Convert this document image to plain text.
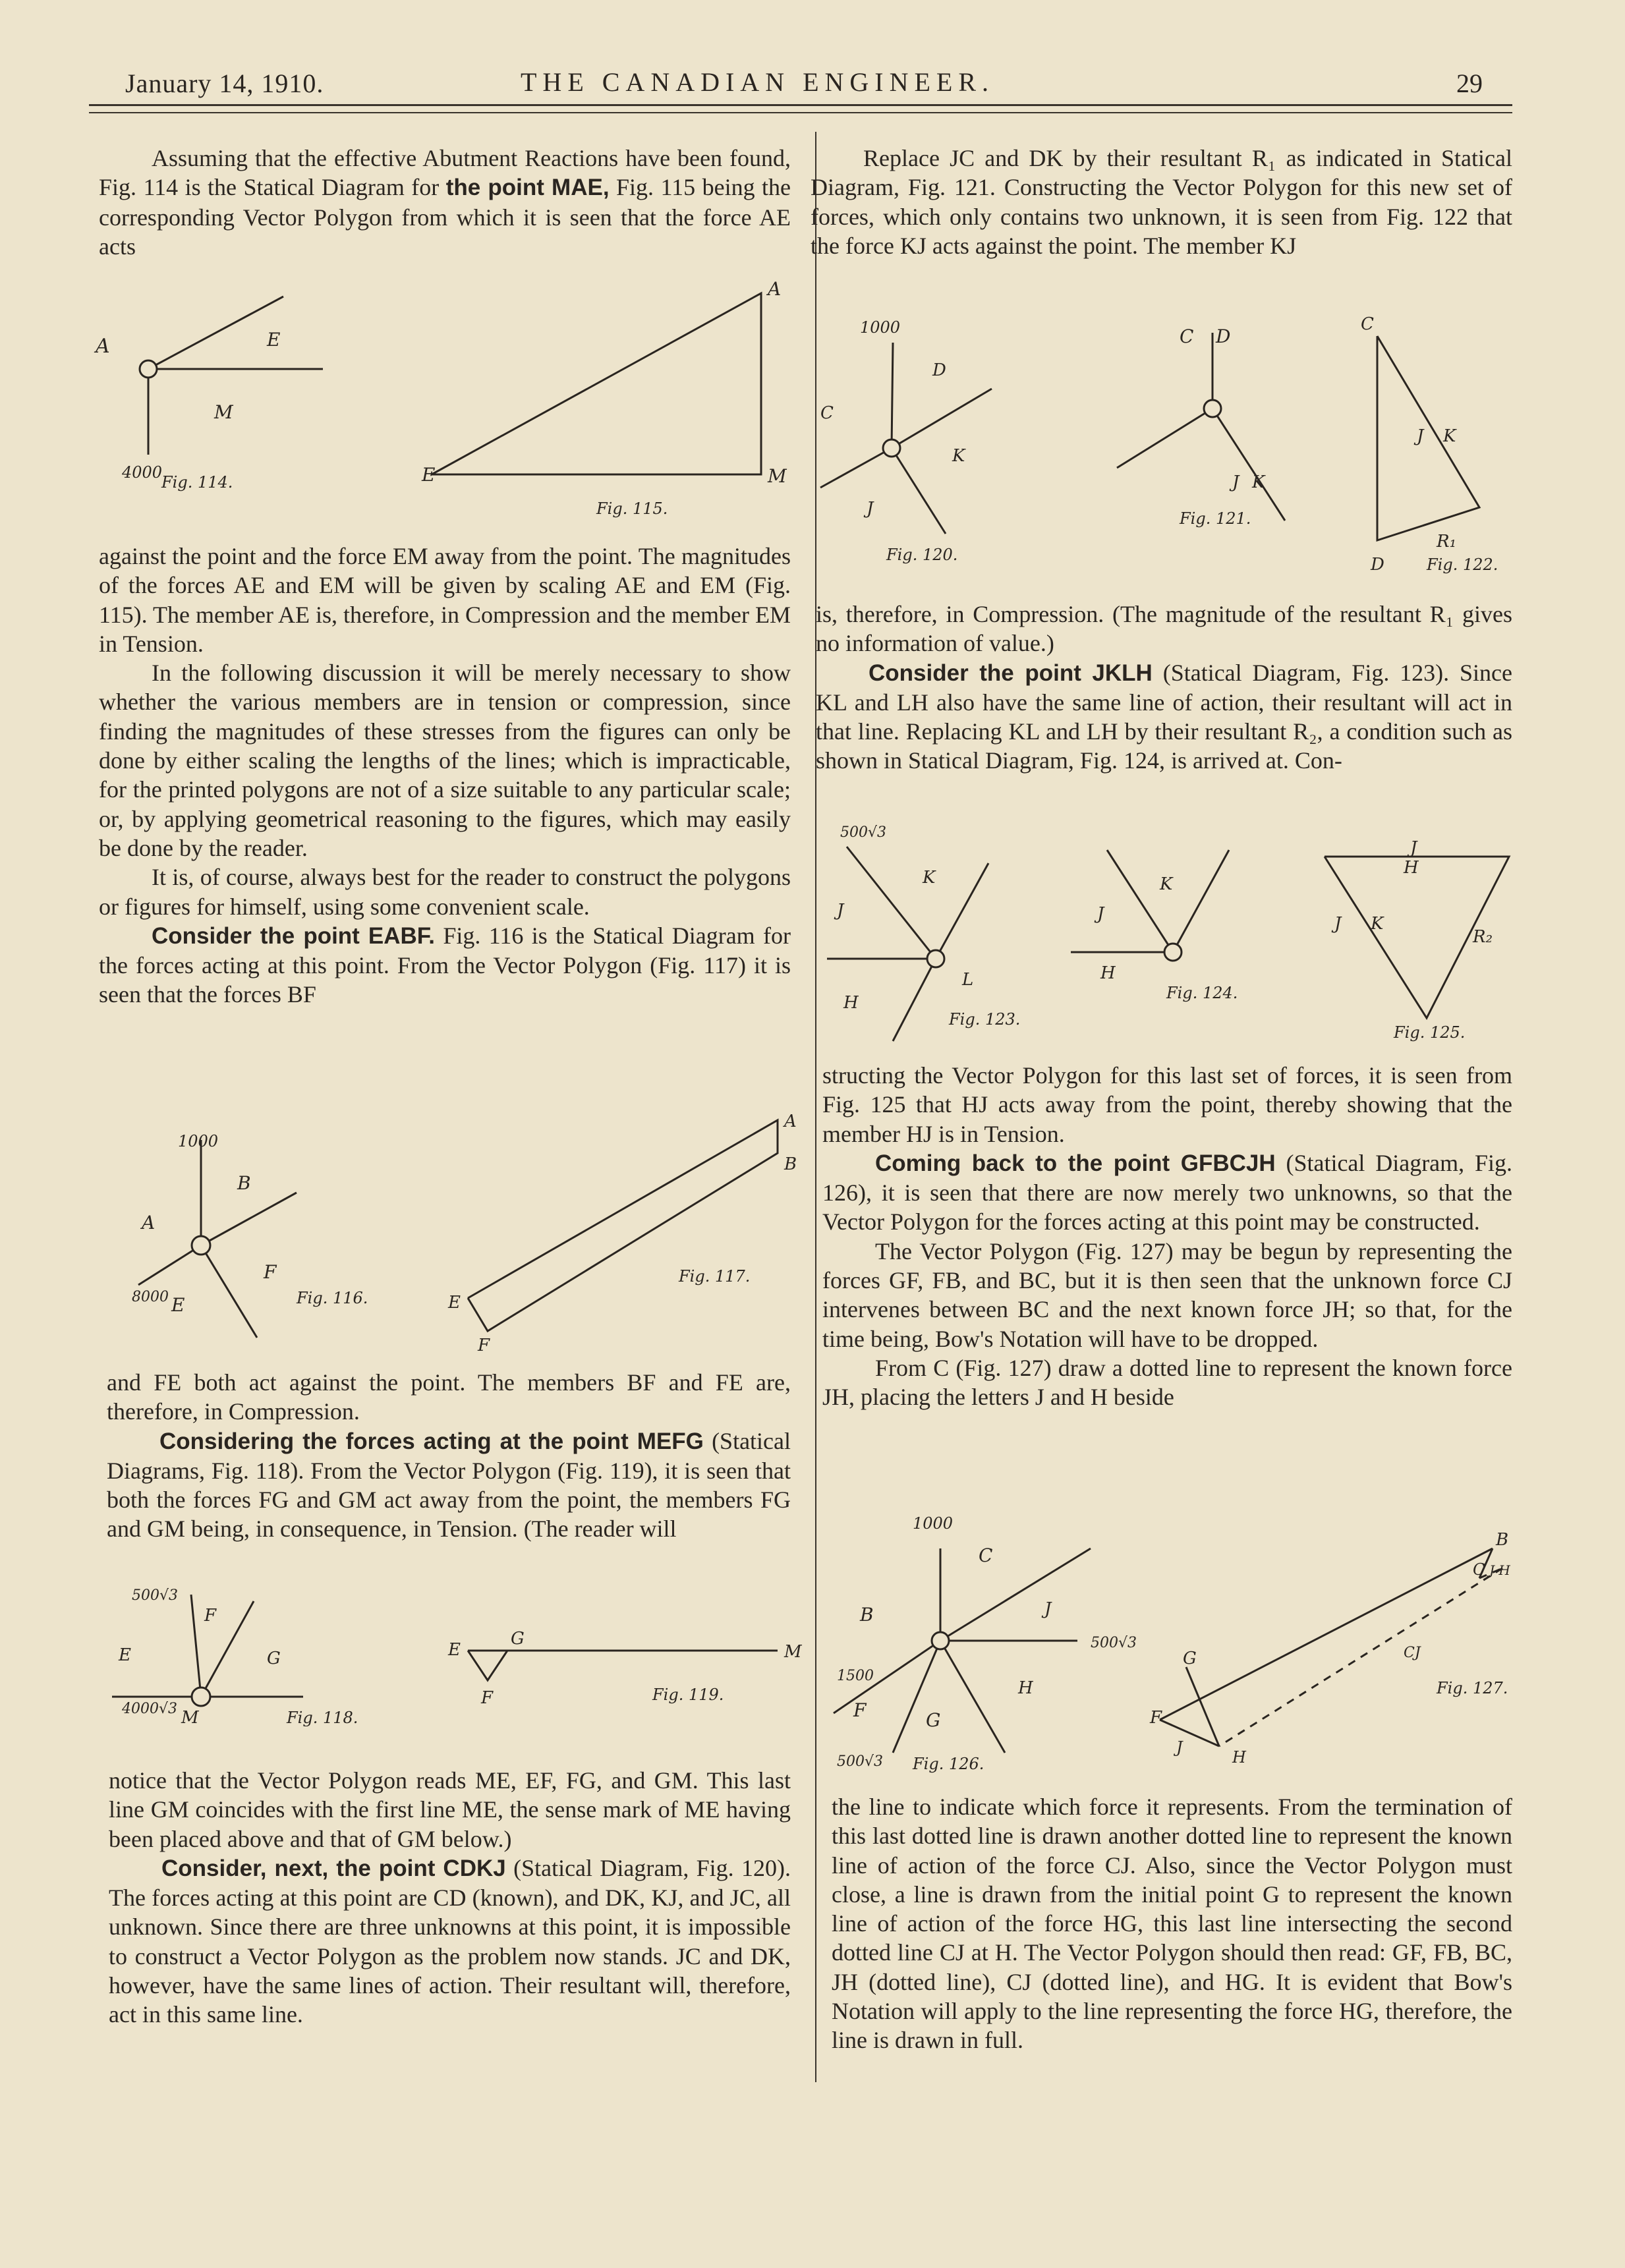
January 14, 1910.	THE CANADIAN ENGINEER.	29

Assuming that the effective Abutment Reactions have been found, Fig. 114 is the Statical Diagram for the point MAE, Fig. 115 being the corresponding Vector Polygon from which it is seen that the force AE acts

A	E
M
4000
Fig. 114.
A
E	M
Fig. 115.

against the point and the force EM away from the point. The magnitudes of the forces AE and EM will be given by scaling AE and EM (Fig. 115). The member AE is, therefore, in Compression and the member EM in Tension.

In the following discussion it will be merely necessary to show whether the various members are in tension or compression, since finding the magnitudes of these stresses from the figures can only be done by either scaling the lengths of the lines; which is impracticable, for the printed polygons are not of a size suitable to any particular scale; or, by applying geometrical reasoning to the figures, which may easily be done by the reader.

It is, of course, always best for the reader to construct the polygons or figures for himself, using some convenient scale.

Consider the point EABF. Fig. 116 is the Statical Diagram for the forces acting at this point. From the Vector Polygon (Fig. 117) it is seen that the forces BF

1000
B
A
F
E
8000	Fig. 116.
A
B
E
F
Fig. 117.

and FE both act against the point. The members BF and FE are, therefore, in Compression.

Considering the forces acting at the point MEFG (Statical Diagrams, Fig. 118). From the Vector Polygon (Fig. 119), it is seen that both the forces FG and GM act away from the point, the members FG and GM being, in consequence, in Tension. (The reader will

500√3
F
E	G
4000√3 M	Fig. 118.
E
G
F
M
Fig. 119.

notice that the Vector Polygon reads ME, EF, FG, and GM. This last line GM coincides with the first line ME, the sense mark of ME having been placed above and that of GM below.)

Consider, next, the point CDKJ (Statical Diagram, Fig. 120). The forces acting at this point are CD (known), and DK, KJ, and JC, all unknown. Since there are three unknowns at this point, it is impossible to construct a Vector Polygon as the problem now stands. JC and DK, however, have the same lines of action. Their resultant will, therefore, act in this same line.

Replace JC and DK by their resultant R₁ as indicated in Statical Diagram, Fig. 121. Constructing the Vector Polygon for this new set of forces, which only contains two unknown, it is seen from Fig. 122 that the force KJ acts against the point. The member KJ

1000
D
C
K
J
Fig. 120.
C D
J K
Fig. 121.
C
J K
R₁
D	Fig. 122.

is, therefore, in Compression. (The magnitude of the resultant R₁ gives no information of value.)

Consider the point JKLH (Statical Diagram, Fig. 123). Since KL and LH also have the same line of action, their resultant will act in that line. Replacing KL and LH by their resultant R₂, a condition such as shown in Statical Diagram, Fig. 124, is arrived at. Con-

500√3
K
J
L
H
Fig. 123.
K
J
H
Fig. 124.
J
H
J K
R₂
Fig. 125.

structing the Vector Polygon for this last set of forces, it is seen from Fig. 125 that HJ acts away from the point, thereby showing that the member HJ is in Tension.

Coming back to the point GFBCJH (Statical Diagram, Fig. 126), it is seen that there are now merely two unknowns, so that the Vector Polygon for the forces acting at this point may be constructed.

The Vector Polygon (Fig. 127) may be begun by representing the forces GF, FB, and BC, but it is then seen that the unknown force CJ intervenes between BC and the next known force JH; so that, for the time being, Bow's Notation will have to be dropped.

From C (Fig. 127) draw a dotted line to represent the known force JH, placing the letters J and H beside

1000
C
J
B
500√3
1500
H
F	G
500√3 Fig. 126.
B
C J H
CJ
G
F
J
H
Fig. 127.

the line to indicate which force it represents. From the termination of this last dotted line is drawn another dotted line to represent the known line of action of the force CJ. Also, since the Vector Polygon must close, a line is drawn from the initial point G to represent the known line of action of the force HG, this last line intersecting the second dotted line CJ at H. The Vector Polygon should then read: GF, FB, BC, JH (dotted line), CJ (dotted line), and HG. It is evident that Bow's Notation will apply to the line representing the force HG, therefore, the line is drawn in full.
